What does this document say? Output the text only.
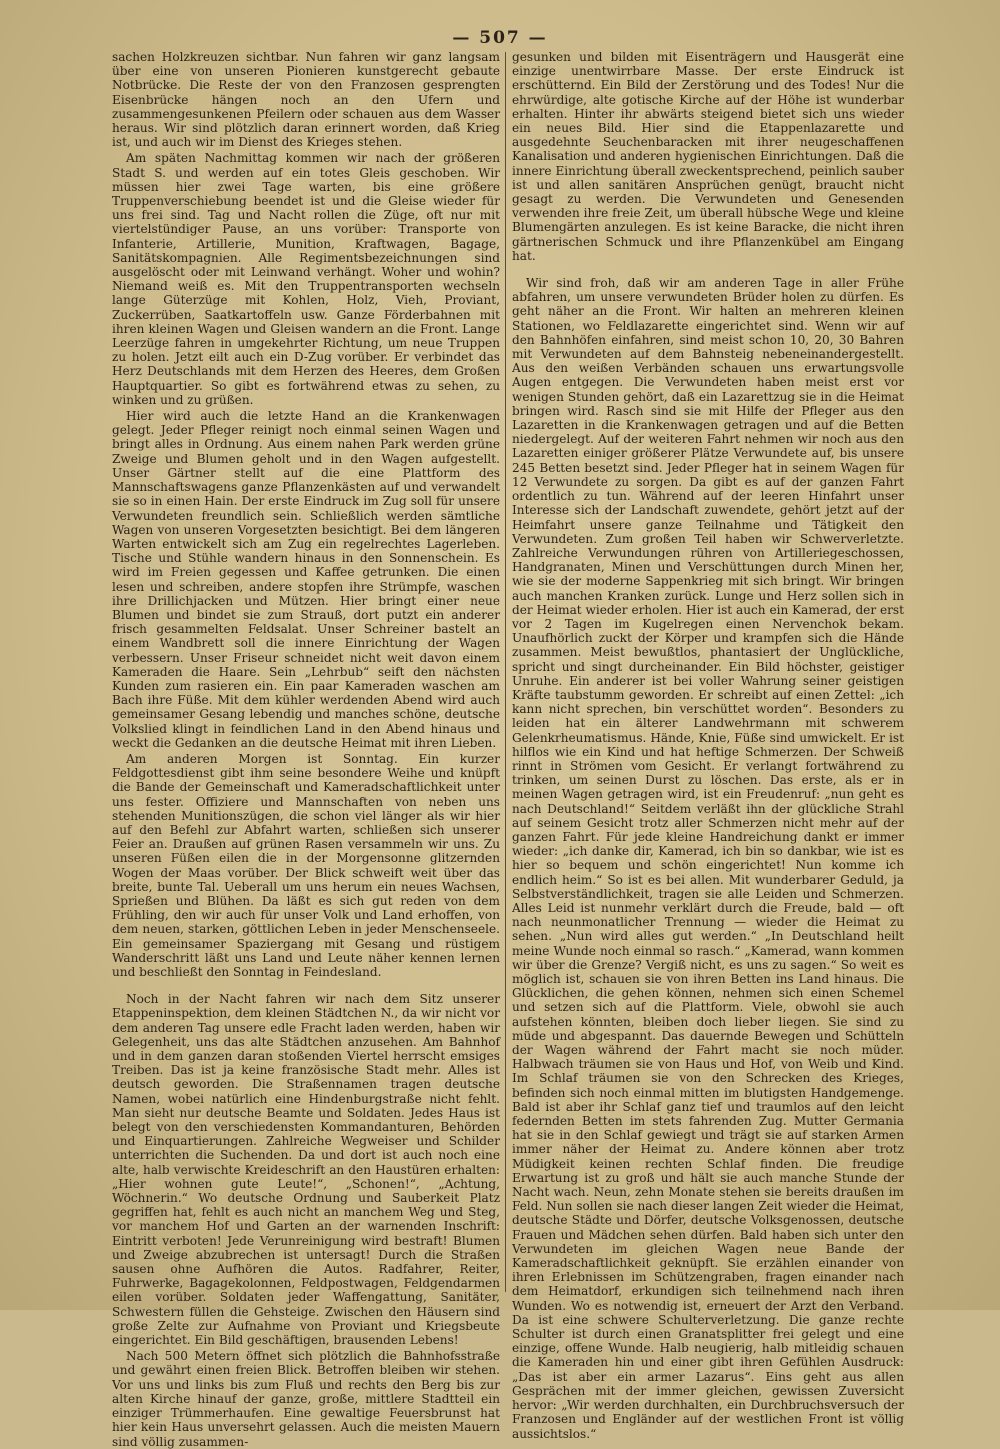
— 507 —

sachen Holzkreuzen sichtbar. Nun fahren wir ganz langsam über eine von unseren Pionieren kunstgerecht gebaute Notbrücke. Die Reste der von den Franzosen gesprengten Eisenbrücke hängen noch an den Ufern und zusammengesunkenen Pfeilern oder schauen aus dem Wasser heraus. Wir sind plötzlich daran erinnert worden, daß Krieg ist, und auch wir im Dienst des Krieges stehen.

Am späten Nachmittag kommen wir nach der größeren Stadt S. und werden auf ein totes Gleis geschoben. Wir müssen hier zwei Tage warten, bis eine größere Truppenverschiebung beendet ist und die Gleise wieder für uns frei sind. Tag und Nacht rollen die Züge, oft nur mit viertelstündiger Pause, an uns vorüber: Transporte von Infanterie, Artillerie, Munition, Kraftwagen, Bagage, Sanitätskompagnien. Alle Regimentsbezeichnungen sind ausgelöscht oder mit Leinwand verhängt. Woher und wohin? Niemand weiß es. Mit den Truppentransporten wechseln lange Güterzüge mit Kohlen, Holz, Vieh, Proviant, Zuckerrüben, Saatkartoffeln usw. Ganze Förderbahnen mit ihren kleinen Wagen und Gleisen wandern an die Front. Lange Leerzüge fahren in umgekehrter Richtung, um neue Truppen zu holen. Jetzt eilt auch ein D-Zug vorüber. Er verbindet das Herz Deutschlands mit dem Herzen des Heeres, dem Großen Hauptquartier. So gibt es fortwährend etwas zu sehen, zu winken und zu grüßen.

Hier wird auch die letzte Hand an die Krankenwagen gelegt. Jeder Pfleger reinigt noch einmal seinen Wagen und bringt alles in Ordnung. Aus einem nahen Park werden grüne Zweige und Blumen geholt und in den Wagen aufgestellt. Unser Gärtner stellt auf die eine Plattform des Mannschaftswagens ganze Pflanzenkästen auf und verwandelt sie so in einen Hain. Der erste Eindruck im Zug soll für unsere Verwundeten freundlich sein. Schließlich werden sämtliche Wagen von unseren Vorgesetzten besichtigt. Bei dem längeren Warten entwickelt sich am Zug ein regelrechtes Lagerleben. Tische und Stühle wandern hinaus in den Sonnenschein. Es wird im Freien gegessen und Kaffee getrunken. Die einen lesen und schreiben, andere stopfen ihre Strümpfe, waschen ihre Drillichjacken und Mützen. Hier bringt einer neue Blumen und bindet sie zum Strauß, dort putzt ein anderer frisch gesammelten Feldsalat. Unser Schreiner bastelt an einem Wandbrett soll die innere Einrichtung der Wagen verbessern. Unser Friseur schneidet nicht weit davon einem Kameraden die Haare. Sein „Lehrbub“ seift den nächsten Kunden zum rasieren ein. Ein paar Kameraden waschen am Bach ihre Füße. Mit dem kühler werdenden Abend wird auch gemeinsamer Gesang lebendig und manches schöne, deutsche Volkslied klingt in feindlichen Land in den Abend hinaus und weckt die Gedanken an die deutsche Heimat mit ihren Lieben.

Am anderen Morgen ist Sonntag. Ein kurzer Feldgottesdienst gibt ihm seine besondere Weihe und knüpft die Bande der Gemeinschaft und Kameradschaftlichkeit unter uns fester. Offiziere und Mannschaften von neben uns stehenden Munitionszügen, die schon viel länger als wir hier auf den Befehl zur Abfahrt warten, schließen sich unserer Feier an. Draußen auf grünen Rasen versammeln wir uns. Zu unseren Füßen eilen die in der Morgensonne glitzernden Wogen der Maas vorüber. Der Blick schweift weit über das breite, bunte Tal. Ueberall um uns herum ein neues Wachsen, Sprießen und Blühen. Da läßt es sich gut reden von dem Frühling, den wir auch für unser Volk und Land erhoffen, von dem neuen, starken, göttlichen Leben in jeder Menschenseele. Ein gemeinsamer Spaziergang mit Gesang und rüstigem Wanderschritt läßt uns Land und Leute näher kennen lernen und beschließt den Sonntag in Feindesland.

Noch in der Nacht fahren wir nach dem Sitz unserer Etappeninspektion, dem kleinen Städtchen N., da wir nicht vor dem anderen Tag unsere edle Fracht laden werden, haben wir Gelegenheit, uns das alte Städtchen anzusehen. Am Bahnhof und in dem ganzen daran stoßenden Viertel herrscht emsiges Treiben. Das ist ja keine französische Stadt mehr. Alles ist deutsch geworden. Die Straßennamen tragen deutsche Namen, wobei natürlich eine Hindenburgstraße nicht fehlt. Man sieht nur deutsche Beamte und Soldaten. Jedes Haus ist belegt von den verschiedensten Kommandanturen, Behörden und Einquartierungen. Zahlreiche Wegweiser und Schilder unterrichten die Suchenden. Da und dort ist auch noch eine alte, halb verwischte Kreideschrift an den Haustüren erhalten: „Hier wohnen gute Leute!“, „Schonen!“, „Achtung, Wöchnerin.“ Wo deutsche Ordnung und Sauberkeit Platz gegriffen hat, fehlt es auch nicht an manchem Weg und Steg, vor manchem Hof und Garten an der warnenden Inschrift: Eintritt verboten! Jede Verunreinigung wird bestraft! Blumen und Zweige abzubrechen ist untersagt! Durch die Straßen sausen ohne Aufhören die Autos. Radfahrer, Reiter, Fuhrwerke, Bagagekolonnen, Feldpostwagen, Feldgendarmen eilen vorüber. Soldaten jeder Waffengattung, Sanitäter, Schwestern füllen die Gehsteige. Zwischen den Häusern sind große Zelte zur Aufnahme von Proviant und Kriegsbeute eingerichtet. Ein Bild geschäftigen, brausenden Lebens!

Nach 500 Metern öffnet sich plötzlich die Bahnhofsstraße und gewährt einen freien Blick. Betroffen bleiben wir stehen. Vor uns und links bis zum Fluß und rechts den Berg bis zur alten Kirche hinauf der ganze, große, mittlere Stadtteil ein einziger Trümmerhaufen. Eine gewaltige Feuersbrunst hat hier kein Haus unversehrt gelassen. Auch die meisten Mauern sind völlig zusammen-

gesunken und bilden mit Eisenträgern und Hausgerät eine einzige unentwirrbare Masse. Der erste Eindruck ist erschütternd. Ein Bild der Zerstörung und des Todes! Nur die ehrwürdige, alte gotische Kirche auf der Höhe ist wunderbar erhalten. Hinter ihr abwärts steigend bietet sich uns wieder ein neues Bild. Hier sind die Etappenlazarette und ausgedehnte Seuchenbaracken mit ihrer neugeschaffenen Kanalisation und anderen hygienischen Einrichtungen. Daß die innere Einrichtung überall zweckentsprechend, peinlich sauber ist und allen sanitären Ansprüchen genügt, braucht nicht gesagt zu werden. Die Verwundeten und Genesenden verwenden ihre freie Zeit, um überall hübsche Wege und kleine Blumengärten anzulegen. Es ist keine Baracke, die nicht ihren gärtnerischen Schmuck und ihre Pflanzenkübel am Eingang hat.

Wir sind froh, daß wir am anderen Tage in aller Frühe abfahren, um unsere verwundeten Brüder holen zu dürfen. Es geht näher an die Front. Wir halten an mehreren kleinen Stationen, wo Feldlazarette eingerichtet sind. Wenn wir auf den Bahnhöfen einfahren, sind meist schon 10, 20, 30 Bahren mit Verwundeten auf dem Bahnsteig nebeneinandergestellt. Aus den weißen Verbänden schauen uns erwartungsvolle Augen entgegen. Die Verwundeten haben meist erst vor wenigen Stunden gehört, daß ein Lazarettzug sie in die Heimat bringen wird. Rasch sind sie mit Hilfe der Pfleger aus den Lazaretten in die Krankenwagen getragen und auf die Betten niedergelegt. Auf der weiteren Fahrt nehmen wir noch aus den Lazaretten einiger größerer Plätze Verwundete auf, bis unsere 245 Betten besetzt sind. Jeder Pfleger hat in seinem Wagen für 12 Verwundete zu sorgen. Da gibt es auf der ganzen Fahrt ordentlich zu tun. Während auf der leeren Hinfahrt unser Interesse sich der Landschaft zuwendete, gehört jetzt auf der Heimfahrt unsere ganze Teilnahme und Tätigkeit den Verwundeten. Zum großen Teil haben wir Schwerverletzte. Zahlreiche Verwundungen rühren von Artilleriegeschossen, Handgranaten, Minen und Verschüttungen durch Minen her, wie sie der moderne Sappenkrieg mit sich bringt. Wir bringen auch manchen Kranken zurück. Lunge und Herz sollen sich in der Heimat wieder erholen. Hier ist auch ein Kamerad, der erst vor 2 Tagen im Kugelregen einen Nervenchok bekam. Unaufhörlich zuckt der Körper und krampfen sich die Hände zusammen. Meist bewußtlos, phantasiert der Unglückliche, spricht und singt durcheinander. Ein Bild höchster, geistiger Unruhe. Ein anderer ist bei voller Wahrung seiner geistigen Kräfte taubstumm geworden. Er schreibt auf einen Zettel: „ich kann nicht sprechen, bin verschüttet worden“. Besonders zu leiden hat ein älterer Landwehrmann mit schwerem Gelenkrheumatismus. Hände, Knie, Füße sind umwickelt. Er ist hilflos wie ein Kind und hat heftige Schmerzen. Der Schweiß rinnt in Strömen vom Gesicht. Er verlangt fortwährend zu trinken, um seinen Durst zu löschen. Das erste, als er in meinen Wagen getragen wird, ist ein Freudenruf: „nun geht es nach Deutschland!“ Seitdem verläßt ihn der glückliche Strahl auf seinem Gesicht trotz aller Schmerzen nicht mehr auf der ganzen Fahrt. Für jede kleine Handreichung dankt er immer wieder: „ich danke dir, Kamerad, ich bin so dankbar, wie ist es hier so bequem und schön eingerichtet! Nun komme ich endlich heim.“ So ist es bei allen. Mit wunderbarer Geduld, ja Selbstverständlichkeit, tragen sie alle Leiden und Schmerzen. Alles Leid ist nunmehr verklärt durch die Freude, bald — oft nach neunmonatlicher Trennung — wieder die Heimat zu sehen. „Nun wird alles gut werden.“ „In Deutschland heilt meine Wunde noch einmal so rasch.“ „Kamerad, wann kommen wir über die Grenze? Vergiß nicht, es uns zu sagen.“ So weit es möglich ist, schauen sie von ihren Betten ins Land hinaus. Die Glücklichen, die gehen können, nehmen sich einen Schemel und setzen sich auf die Plattform. Viele, obwohl sie auch aufstehen könnten, bleiben doch lieber liegen. Sie sind zu müde und abgespannt. Das dauernde Bewegen und Schütteln der Wagen während der Fahrt macht sie noch müder. Halbwach träumen sie von Haus und Hof, von Weib und Kind. Im Schlaf träumen sie von den Schrecken des Krieges, befinden sich noch einmal mitten im blutigsten Handgemenge. Bald ist aber ihr Schlaf ganz tief und traumlos auf den leicht federnden Betten im stets fahrenden Zug. Mutter Germania hat sie in den Schlaf gewiegt und trägt sie auf starken Armen immer näher der Heimat zu. Andere können aber trotz Müdigkeit keinen rechten Schlaf finden. Die freudige Erwartung ist zu groß und hält sie auch manche Stunde der Nacht wach. Neun, zehn Monate stehen sie bereits draußen im Feld. Nun sollen sie nach dieser langen Zeit wieder die Heimat, deutsche Städte und Dörfer, deutsche Volksgenossen, deutsche Frauen und Mädchen sehen dürfen. Bald haben sich unter den Verwundeten im gleichen Wagen neue Bande der Kameradschaftlichkeit geknüpft. Sie erzählen einander von ihren Erlebnissen im Schützengraben, fragen einander nach dem Heimatdorf, erkundigen sich teilnehmend nach ihren Wunden. Wo es notwendig ist, erneuert der Arzt den Verband. Da ist eine schwere Schulterverletzung. Die ganze rechte Schulter ist durch einen Granatsplitter frei gelegt und eine einzige, offene Wunde. Halb neugierig, halb mitleidig schauen die Kameraden hin und einer gibt ihren Gefühlen Ausdruck: „Das ist aber ein armer Lazarus“. Eins geht aus allen Gesprächen mit der immer gleichen, gewissen Zuversicht hervor: „Wir werden durchhalten, ein Durchbruchsversuch der Franzosen und Engländer auf der westlichen Front ist völlig aussichtslos.“
